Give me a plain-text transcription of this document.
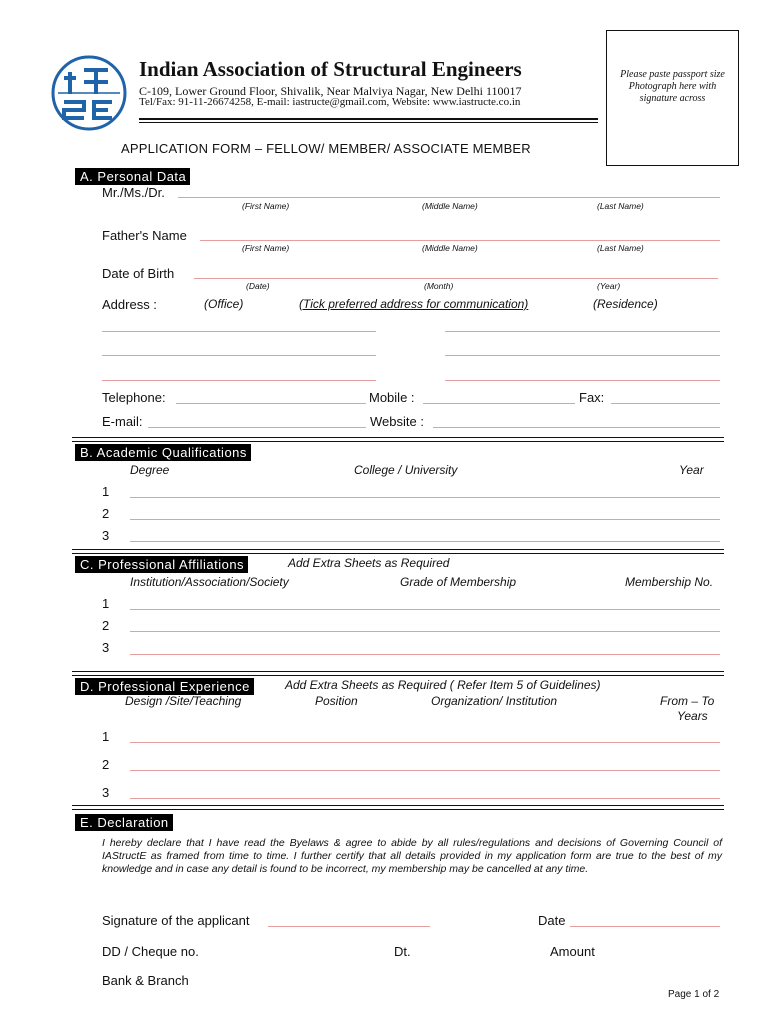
Indian Association of Structural Engineers
C-109, Lower Ground Floor, Shivalik, Near Malviya Nagar, New Delhi 110017
Tel/Fax: 91-11-26674258, E-mail: iastructe@gmail.com, Website: www.iastructe.co.in
Please paste passport size Photograph here with signature across
APPLICATION FORM – FELLOW/ MEMBER/ ASSOCIATE MEMBER
A. Personal Data
Mr./Ms./Dr.
(First Name)	(Middle Name)	(Last Name)
Father's Name
(First Name)	(Middle Name)	(Last Name)
Date of Birth
(Date)	(Month)	(Year)
Address :	(Office)	(Tick preferred address for communication)	(Residence)
Telephone:	Mobile :	Fax:
E-mail:	Website :
B. Academic Qualifications
Degree	College / University	Year
1
2
3
C. Professional Affiliations	Add Extra Sheets as Required
Institution/Association/Society	Grade of Membership	Membership No.
1
2
3
D. Professional Experience	Add Extra Sheets as Required ( Refer Item 5 of Guidelines)
Design /Site/Teaching	Position	Organization/ Institution	From – To
Years
1
2
3
E. Declaration
I hereby declare that I have read the Byelaws & agree to abide by all rules/regulations and decisions of Governing Council of IAStructE as framed from time to time. I further certify that all details provided in my application form are true to the best of my knowledge and in case any detail is found to be incorrect, my membership may be cancelled at any time.
Signature of the applicant	Date
DD / Cheque no.	Dt.	Amount
Bank & Branch
Page 1 of 2
